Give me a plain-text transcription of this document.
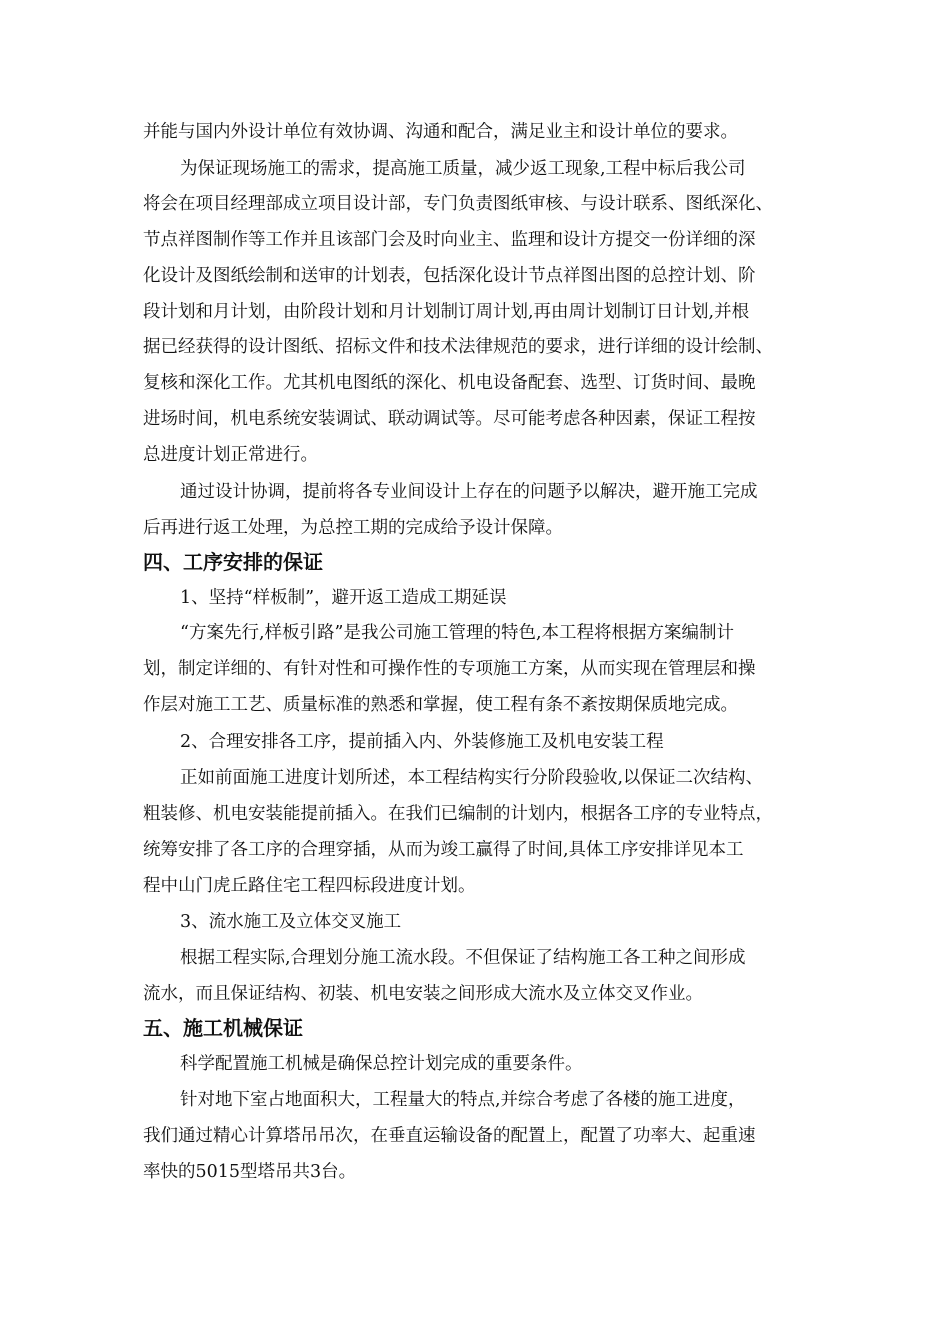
并能与国内外设计单位有效协调、沟通和配合，满足业主和设计单位的要求。
为保证现场施工的需求，提高施工质量，减少返工现象,工程中标后我公司
将会在项目经理部成立项目设计部，专门负责图纸审核、与设计联系、图纸深化、
节点祥图制作等工作并且该部门会及时向业主、监理和设计方提交一份详细的深
化设计及图纸绘制和送审的计划表，包括深化设计节点祥图出图的总控计划、阶
段计划和月计划，由阶段计划和月计划制订周计划,再由周计划制订日计划,并根
据已经获得的设计图纸、招标文件和技术法律规范的要求，进行详细的设计绘制、
复核和深化工作。尤其机电图纸的深化、机电设备配套、选型、订货时间、最晚
进场时间，机电系统安装调试、联动调试等。尽可能考虑各种因素，保证工程按
总进度计划正常进行。
通过设计协调，提前将各专业间设计上存在的问题予以解决，避开施工完成
后再进行返工处理，为总控工期的完成给予设计保障。
四、工序安排的保证
1、坚持“样板制”，避开返工造成工期延误
“方案先行,样板引路”是我公司施工管理的特色,本工程将根据方案编制计
划，制定详细的、有针对性和可操作性的专项施工方案，从而实现在管理层和操
作层对施工工艺、质量标准的熟悉和掌握，使工程有条不紊按期保质地完成。
2、合理安排各工序，提前插入内、外装修施工及机电安装工程
正如前面施工进度计划所述，本工程结构实行分阶段验收,以保证二次结构、
粗装修、机电安装能提前插入。在我们已编制的计划内，根据各工序的专业特点，
统筹安排了各工序的合理穿插，从而为竣工赢得了时间,具体工序安排详见本工
程中山门虎丘路住宅工程四标段进度计划。
3、流水施工及立体交叉施工
根据工程实际,合理划分施工流水段。不但保证了结构施工各工种之间形成
流水，而且保证结构、初装、机电安装之间形成大流水及立体交叉作业。
五、施工机械保证
科学配置施工机械是确保总控计划完成的重要条件。
针对地下室占地面积大，工程量大的特点,并综合考虑了各楼的施工进度，
我们通过精心计算塔吊吊次，在垂直运输设备的配置上，配置了功率大、起重速
率快的5015型塔吊共3台。
